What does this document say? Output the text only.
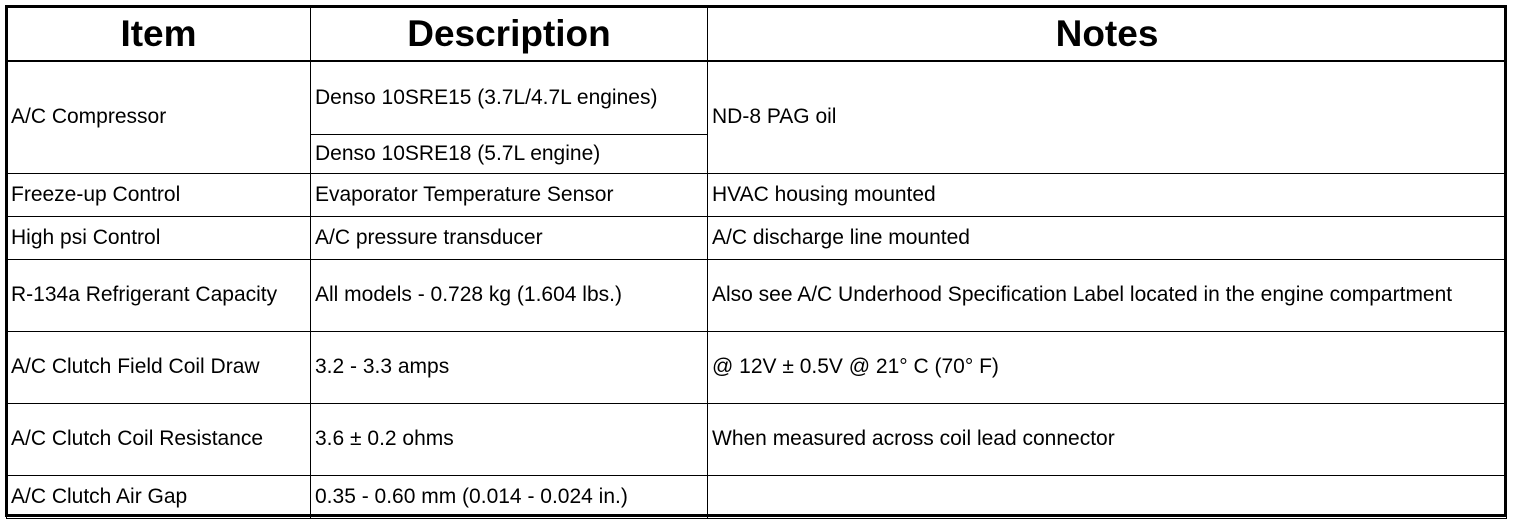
Item	Description	Notes
A/C Compressor	Denso 10SRE15 (3.7L/4.7L engines)	ND-8 PAG oil
	Denso 10SRE18 (5.7L engine)	
Freeze-up Control	Evaporator Temperature Sensor	HVAC housing mounted
High psi Control	A/C pressure transducer	A/C discharge line mounted
R-134a Refrigerant Capacity	All models - 0.728 kg (1.604 lbs.)	Also see A/C Underhood Specification Label located in the engine compartment
A/C Clutch Field Coil Draw	3.2 - 3.3 amps	@ 12V ± 0.5V @ 21° C (70° F)
A/C Clutch Coil Resistance	3.6 ± 0.2 ohms	When measured across coil lead connector
A/C Clutch Air Gap	0.35 - 0.60 mm (0.014 - 0.024 in.)	
